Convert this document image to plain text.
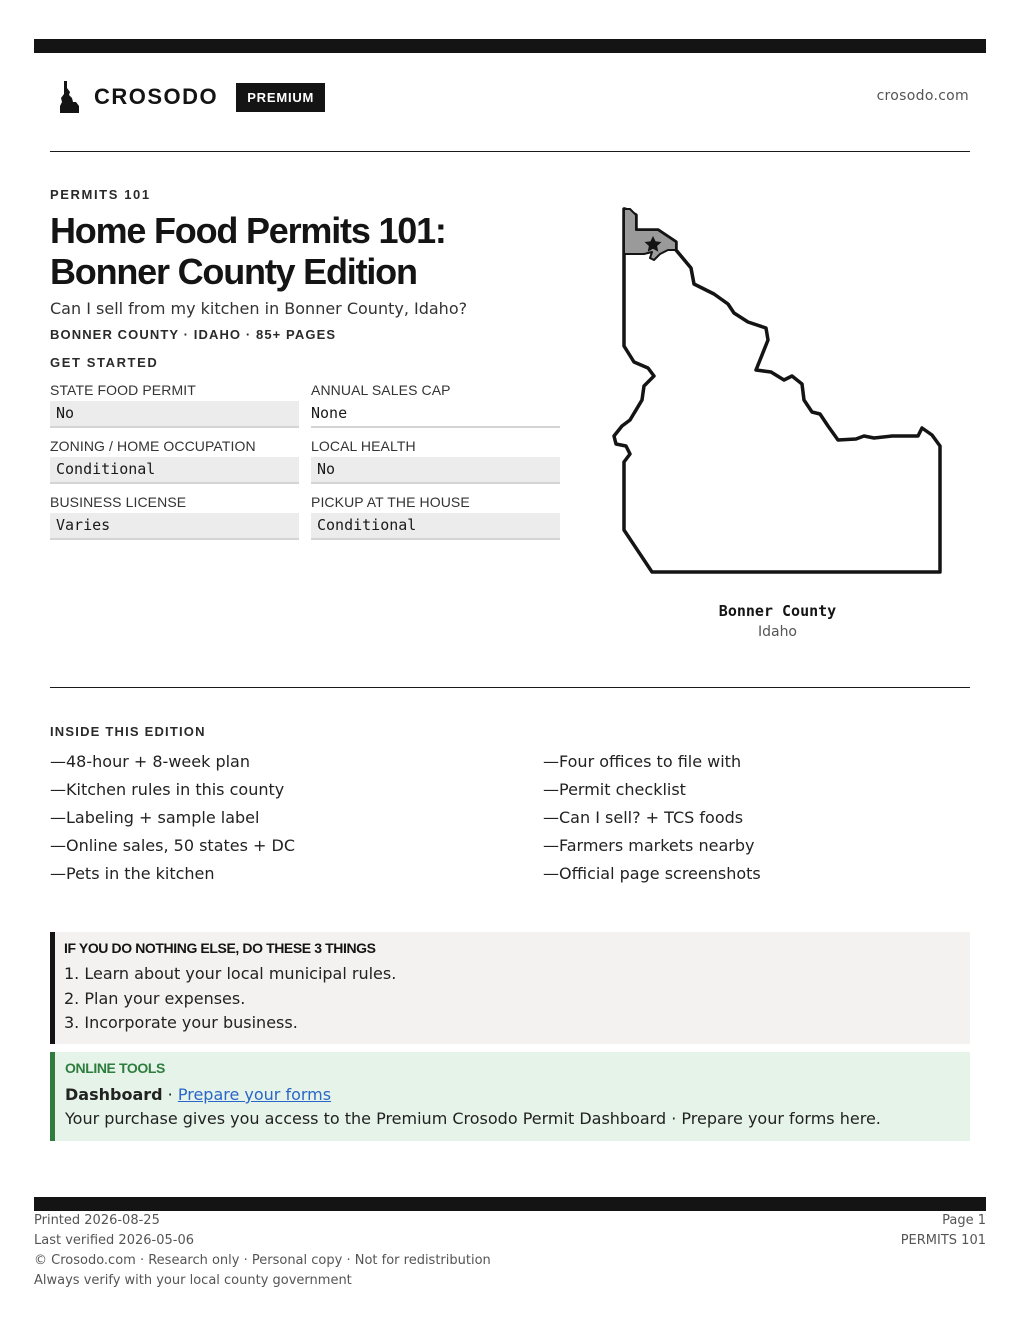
CROSODO	PREMIUM	crosodo.com
PERMITS 101
Home Food Permits 101: Bonner County Edition
Can I sell from my kitchen in Bonner County, Idaho?
BONNER COUNTY · IDAHO · 85+ PAGES
GET STARTED
STATE FOOD PERMIT
No
ANNUAL SALES CAP
None
ZONING / HOME OCCUPATION
Conditional
LOCAL HEALTH
No
BUSINESS LICENSE
Varies
PICKUP AT THE HOUSE
Conditional
Bonner County
Idaho
INSIDE THIS EDITION
—48-hour + 8-week plan	—Four offices to file with
—Kitchen rules in this county	—Permit checklist
—Labeling + sample label	—Can I sell? + TCS foods
—Online sales, 50 states + DC	—Farmers markets nearby
—Pets in the kitchen	—Official page screenshots
IF YOU DO NOTHING ELSE, DO THESE 3 THINGS
1. Learn about your local municipal rules.
2. Plan your expenses.
3. Incorporate your business.
ONLINE TOOLS
Dashboard · Prepare your forms
Your purchase gives you access to the Premium Crosodo Permit Dashboard · Prepare your forms here.
Printed 2026-08-25
Last verified 2026-05-06
© Crosodo.com · Research only · Personal copy · Not for redistribution
Always verify with your local county government
Page 1
PERMITS 101
